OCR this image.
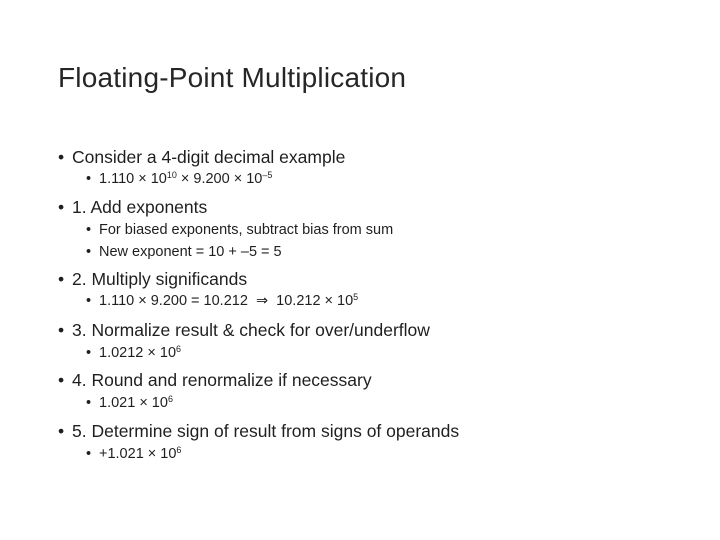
Floating-Point Multiplication
• Consider a 4-digit decimal example
• $1.110 \times 10^{10} \times 9.200 \times 10^{-5}$
• 1. Add exponents
• For biased exponents, subtract bias from sum
• New exponent = 10 + –5 = 5
• 2. Multiply significands
• 1.110 × 9.200 = 10.212  ⇒  $10.212 \times 10^5$
• 3. Normalize result & check for over/underflow
• $1.0212 \times 10^6$
• 4. Round and renormalize if necessary
• $1.021 \times 10^6$
• 5. Determine sign of result from signs of operands
• $+1.021 \times 10^6$
